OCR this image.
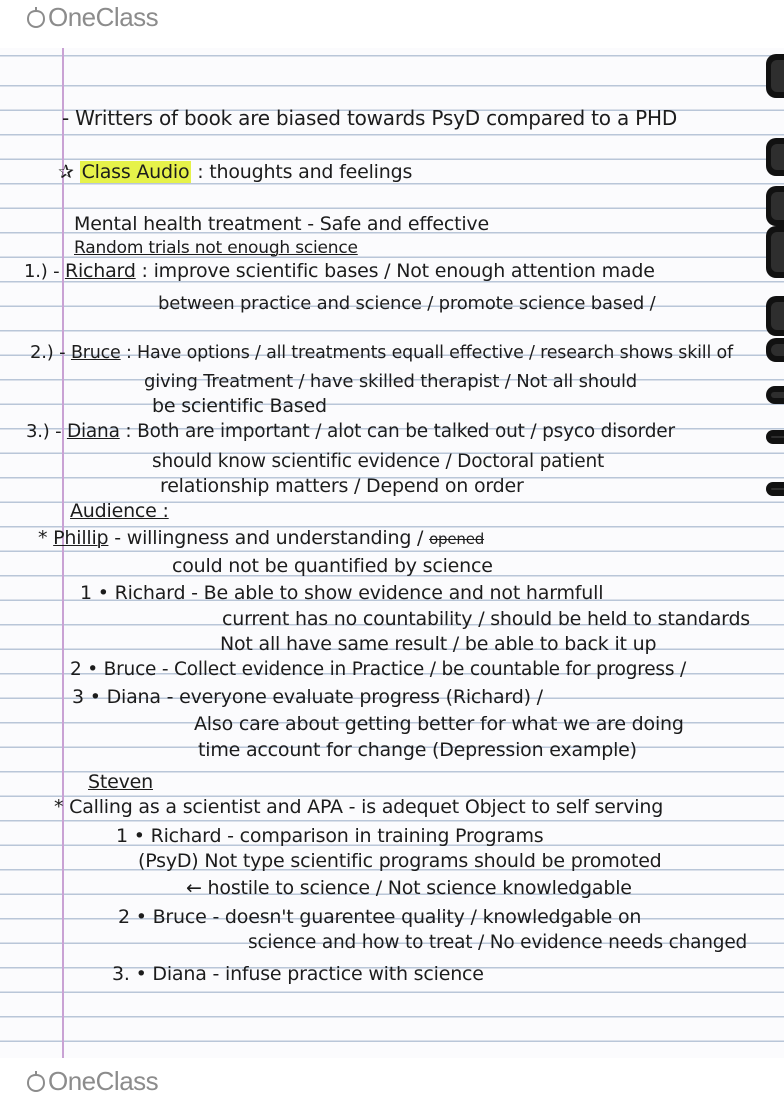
OneClass
- Writters of book are biased towards PsyD compared to a PHD
✰ Class Audio : thoughts and feelings
Mental health treatment - Safe and effective
Random trials not enough science
1.) - Richard : improve scientific bases / Not enough attention made
between practice and science / promote science based /
2.) - Bruce : Have options / all treatments equall effective / research shows skill of
giving Treatment / have skilled therapist / Not all should
be scientific Based
3.) - Diana : Both are important / alot can be talked out / psyco disorder
should know scientific evidence / Doctoral patient
relationship matters / Depend on order
Audience :
* Phillip - willingness and understanding / opened
could not be quantified by science
1 • Richard - Be able to show evidence and not harmfull
current has no countability / should be held to standards
Not all have same result / be able to back it up
2 • Bruce - Collect evidence in Practice / be countable for progress /
3 • Diana - everyone evaluate progress (Richard) /
Also care about getting better for what we are doing
time account for change (Depression example)
Steven
* Calling as a scientist and APA - is adequet Object to self serving
1 • Richard - comparison in training Programs
(PsyD) Not type scientific programs should be promoted
← hostile to science / Not science knowledgable
2 • Bruce - doesn't guarentee quality / knowledgable on
science and how to treat / No evidence needs changed
3. • Diana - infuse practice with science
OneClass
